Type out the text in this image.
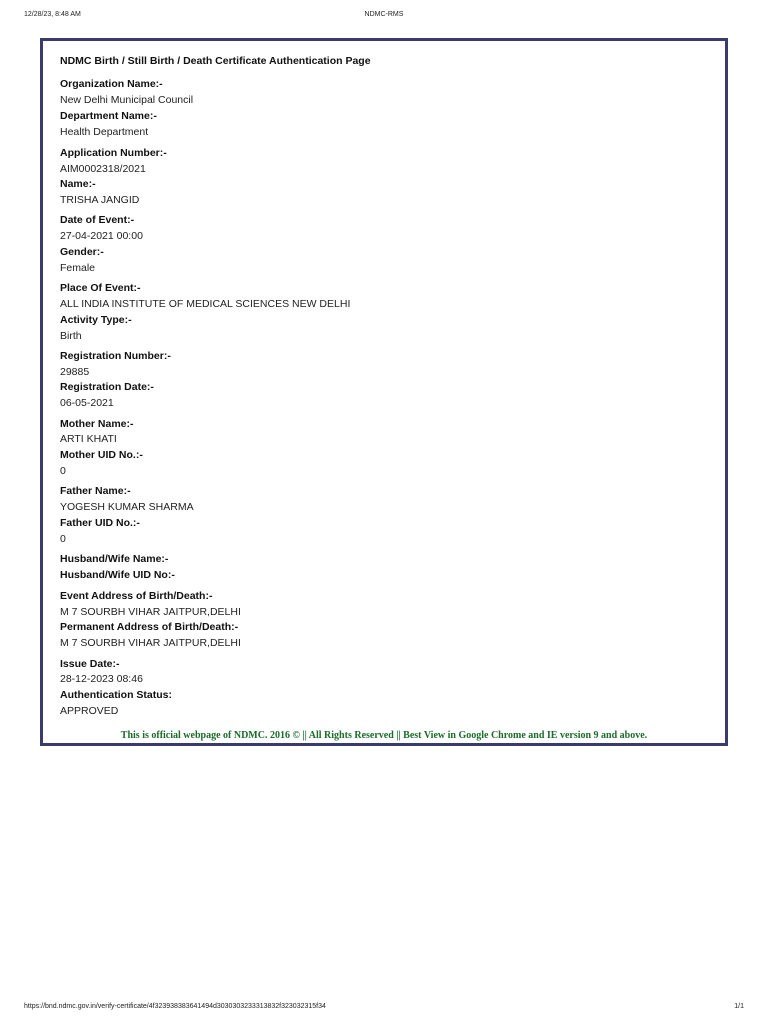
12/28/23, 8:48 AM	NDMC-RMS
NDMC Birth / Still Birth / Death Certificate Authentication Page
Organization Name:-
New Delhi Municipal Council
Department Name:-
Health Department
Application Number:-
AIM0002318/2021
Name:-
TRISHA JANGID
Date of Event:-
27-04-2021 00:00
Gender:-
Female
Place Of Event:-
ALL INDIA INSTITUTE OF MEDICAL SCIENCES NEW DELHI
Activity Type:-
Birth
Registration Number:-
29885
Registration Date:-
06-05-2021
Mother Name:-
ARTI KHATI
Mother UID No.:-
0
Father Name:-
YOGESH KUMAR SHARMA
Father UID No.:-
0
Husband/Wife Name:-
Husband/Wife UID No:-
Event Address of Birth/Death:-
M 7 SOURBH VIHAR JAITPUR,DELHI
Permanent Address of Birth/Death:-
M 7 SOURBH VIHAR JAITPUR,DELHI
Issue Date:-
28-12-2023 08:46
Authentication Status:
APPROVED
This is official webpage of NDMC. 2016 © || All Rights Reserved || Best View in Google Chrome and IE version 9 and above.
https://bnd.ndmc.gov.in/verify-certificate/4f323938383641494d3030303233313832f323032315f34	1/1
